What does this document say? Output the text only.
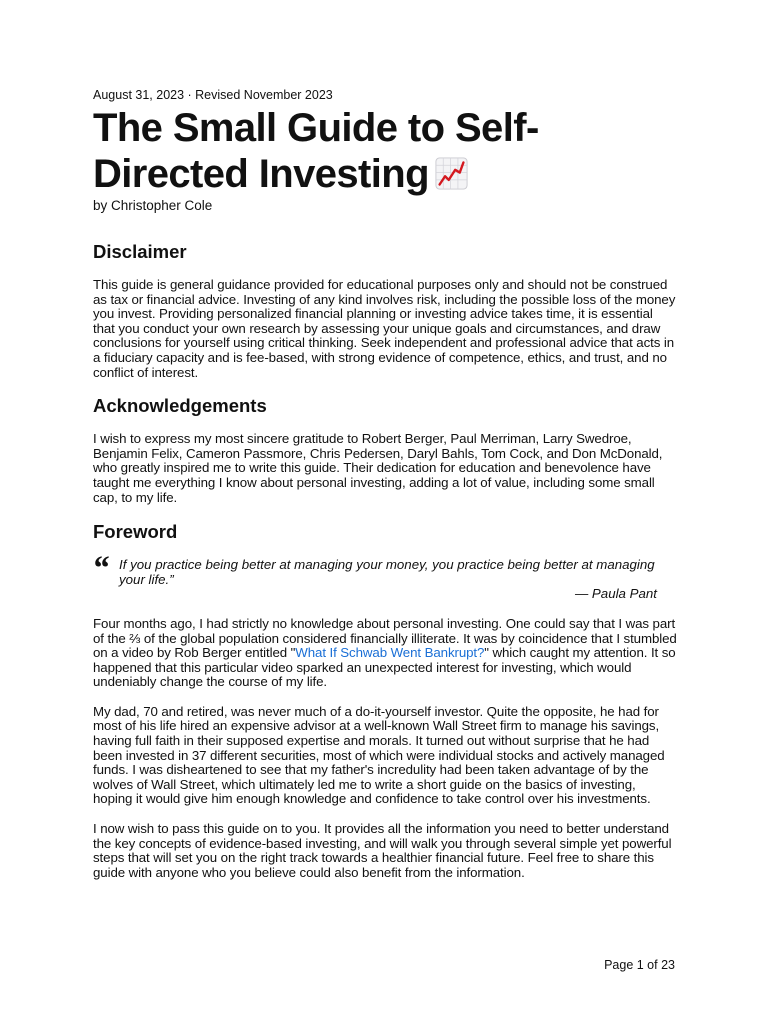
August 31, 2023 · Revised November 2023

The Small Guide to Self-Directed Investing

by Christopher Cole

Disclaimer

This guide is general guidance provided for educational purposes only and should not be construed as tax or financial advice. Investing of any kind involves risk, including the possible loss of the money you invest. Providing personalized financial planning or investing advice takes time, it is essential that you conduct your own research by assessing your unique goals and circumstances, and draw conclusions for yourself using critical thinking. Seek independent and professional advice that acts in a fiduciary capacity and is fee-based, with strong evidence of competence, ethics, and trust, and no conflict of interest.

Acknowledgements

I wish to express my most sincere gratitude to Robert Berger, Paul Merriman, Larry Swedroe, Benjamin Felix, Cameron Passmore, Chris Pedersen, Daryl Bahls, Tom Cock, and Don McDonald, who greatly inspired me to write this guide. Their dedication for education and benevolence have taught me everything I know about personal investing, adding a lot of value, including some small cap, to my life.

Foreword
“ If you practice being better at managing your money, you practice being better at managing your life.”

— Paula Pant

Four months ago, I had strictly no knowledge about personal investing. One could say that I was part of the ⅔ of the global population considered financially illiterate. It was by coincidence that I stumbled on a video by Rob Berger entitled "What If Schwab Went Bankrupt?" which caught my attention. It so happened that this particular video sparked an unexpected interest for investing, which would undeniably change the course of my life.

My dad, 70 and retired, was never much of a do-it-yourself investor. Quite the opposite, he had for most of his life hired an expensive advisor at a well-known Wall Street firm to manage his savings, having full faith in their supposed expertise and morals. It turned out without surprise that he had been invested in 37 different securities, most of which were individual stocks and actively managed funds. I was disheartened to see that my father's incredulity had been taken advantage of by the wolves of Wall Street, which ultimately led me to write a short guide on the basics of investing, hoping it would give him enough knowledge and confidence to take control over his investments.

I now wish to pass this guide on to you. It provides all the information you need to better understand the key concepts of evidence-based investing, and will walk you through several simple yet powerful steps that will set you on the right track towards a healthier financial future. Feel free to share this guide with anyone who you believe could also benefit from the information.

Page 1 of 23
